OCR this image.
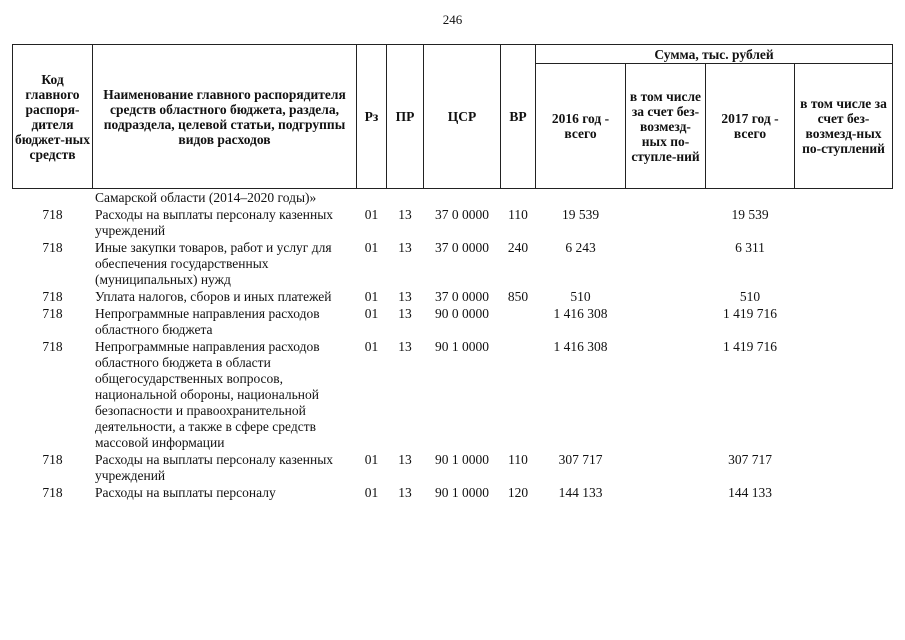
246
Код главного распоря-дителя бюджет-ных средств	Наименование главного распорядителя средств областного бюджета, раздела, подраздела, целевой статьи, подгруппы видов расходов	Рз	ПР	ЦСР	ВР	Сумма, тыс. рублей			
						2016 год - всего	в том числе за счет без-возмезд-ных по-ступле-ний	2017 год - всего	в том числе за счет без-возмезд-ных по-ступлений
	Самарской области (2014–2020 годы)»								
718	Расходы на выплаты персоналу казенных учреждений	01	13	37 0 0000	110	19 539		19 539	
718	Иные закупки товаров, работ и услуг для обеспечения государственных (муниципальных) нужд	01	13	37 0 0000	240	6 243		6 311	
718	Уплата налогов, сборов и иных платежей	01	13	37 0 0000	850	510		510	
718	Непрограммные направления расходов областного бюджета	01	13	90 0 0000		1 416 308		1 419 716	
718	Непрограммные направления расходов областного бюджета в области общегосударственных вопросов, национальной обороны, национальной безопасности и правоохранительной деятельности, а также в сфере средств массовой информации	01	13	90 1 0000		1 416 308		1 419 716	
718	Расходы на выплаты персоналу казенных учреждений	01	13	90 1 0000	110	307 717		307 717	
718	Расходы на выплаты персоналу	01	13	90 1 0000	120	144 133		144 133	
